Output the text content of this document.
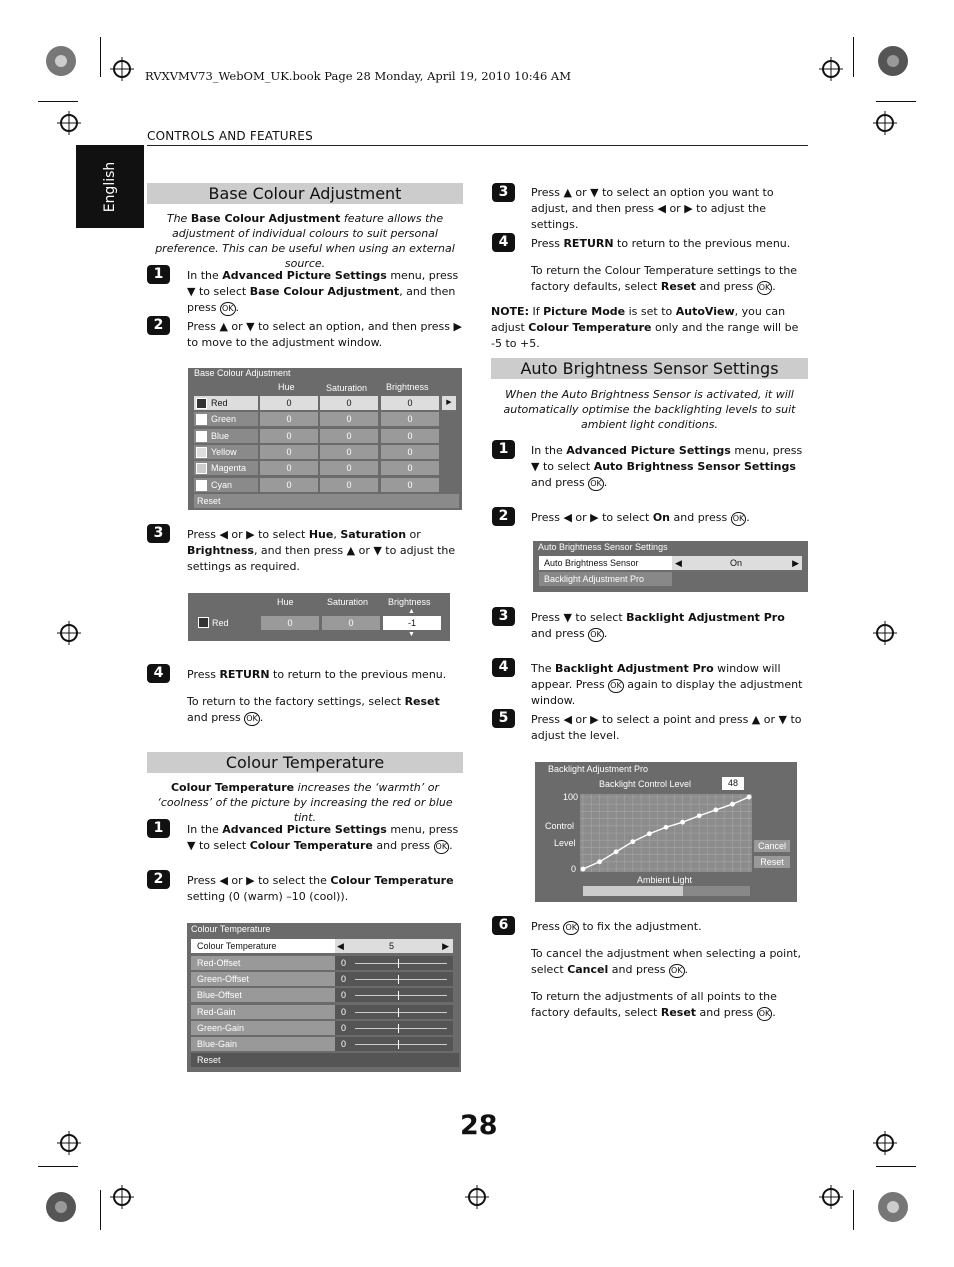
RVXVMV73_WebOM_UK.book Page 28 Monday, April 19, 2010 10:46 AM
CONTROLS AND FEATURES
English	Base Colour Adjustment
The Base Colour Adjustment feature allows the adjustment of individual colours to suit personal preference. This can be useful when using an external source.
1	In the Advanced Picture Settings menu, press ▼ to select Base Colour Adjustment, and then press OK .
2	Press ▲ or ▼ to select an option, and then press ▶ to move to the adjustment window.
Base Colour Adjustment
Hue	Saturation Brightness
Reset
Red	0	0	0	▶
Green	0	0	0
Blue	0	0	0
Yellow	0	0	0
Magenta	0	0	0
Cyan	0	0	0
3	Press ◀ or ▶ to select Hue, Saturation or Brightness, and then press ▲ or ▼ to adjust the settings as required.
Hue	Saturation Brightness
Red	0	0	-1
▲
▼
4	Press RETURN to return to the previous menu.
To return to the factory settings, select Reset and press OK .
Colour Temperature
Colour Temperature increases the ‘warmth’ or ‘coolness’ of the picture by increasing the red or blue tint.
1	In the Advanced Picture Settings menu, press ▼ to select Colour Temperature and press OK .
2	Press ◀ or ▶ to select the Colour Temperature setting (0 (warm) –10 (cool)).
Colour Temperature
Colour Temperature	◀	5	▶
Reset
Red-Offset	0
Green-Offset	0
Blue-Offset	0
Red-Gain	0
Green-Gain	0
Blue-Gain	0
3	Press ▲ or ▼ to select an option you want to adjust, and then press ◀ or ▶ to adjust the settings.
4	Press RETURN to return to the previous menu.
To return the Colour Temperature settings to the factory defaults, select Reset and press OK .
NOTE: If Picture Mode is set to AutoView, you can adjust Colour Temperature only and the range will be -5 to +5.
Auto Brightness Sensor Settings
When the Auto Brightness Sensor is activated, it will automatically optimise the backlighting levels to suit ambient light conditions.
1	In the Advanced Picture Settings menu, press ▼ to select Auto Brightness Sensor Settings and press OK .
2	Press ◀ or ▶ to select On and press OK .
Auto Brightness Sensor Settings
Auto Brightness Sensor	◀	On	▶
Backlight Adjustment Pro
3	Press ▼ to select Backlight Adjustment Pro and press OK .
4	The Backlight Adjustment Pro window will appear. Press OK again to display the adjustment window.
5	Press ◀ or ▶ to select a point and press ▲ or ▼ to adjust the level.
Backlight Adjustment Pro
Backlight Control Level	48
100
Control
Level
0
Cancel
Reset
Ambient Light
6	Press OK to fix the adjustment.
To cancel the adjustment when selecting a point, select Cancel and press OK .
To return the adjustments of all points to the factory defaults, select Reset and press OK .
28
